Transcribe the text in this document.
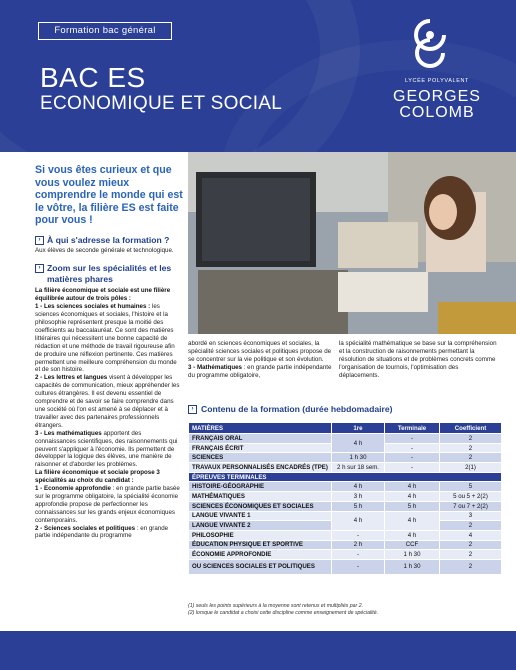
Formation bac général
BAC ES
ECONOMIQUE ET SOCIAL
LYCÉE POLYVALENT
GEORGES
COLOMB
Si vous êtes curieux et que vous voulez mieux comprendre le monde qui est le vôtre, la filière ES est faite pour vous !
› À qui s'adresse la formation ?
Aux élèves de seconde générale et technologique.
› Zoom sur les spécialités et les matières phares
La filière économique et sociale est une filière équilibrée autour de trois pôles :
1 - Les sciences sociales et humaines : les sciences économiques et sociales, l'histoire et la philosophie représentent presque la moitié des coefficients au baccalauréat. Ce sont des matières littéraires qui nécessitent une bonne capacité de rédaction et une méthode de travail rigoureuse afin de produire une réflexion pertinente. Ces matières permettent une meilleure compréhension du monde et de son histoire.
2 - Les lettres et langues visent à développer les capacités de communication, mieux appréhender les cultures étrangères. Il est devenu essentiel de comprendre et de savoir se faire comprendre dans une société où l'on est amené à se déplacer et à travailler avec des partenaires professionnels étrangers.
3 - Les mathématiques apportent des connaissances scientifiques, des raisonnements qui peuvent s'appliquer à l'économie. Ils permettent de développer la logique des élèves, une manière de raisonner et d'aborder les problèmes.
La filière économique et sociale propose 3 spécialités au choix du candidat :
1 - Economie approfondie : en grande partie basée sur le programme obligatoire, la spécialité économie approfondie propose de perfectionner les connaissances sur les grands enjeux économiques contemporains.
2 - Sciences sociales et politiques : en grande partie indépendante du programme
abordé en sciences économiques et sociales, la spécialité sciences sociales et politiques propose de se concentrer sur la vie politique et son évolution.
3 - Mathématiques : en grande partie indépendante du programme obligatoire,
la spécialité mathématique se base sur la compréhension et la construction de raisonnements permettant la résolution de situations et de problèmes concrets comme l'organisation de tournois, l'optimisation des déplacements.
› Contenu de la formation (durée hebdomadaire)
MATIÈRES	1re	Terminale	Coefficient
FRANÇAIS ORAL	4 h	-	2
FRANÇAIS ÉCRIT		-	2
SCIENCES	1 h 30	-	2
TRAVAUX PERSONNALISÉS ENCADRÉS (TPE)	2 h sur 18 sem.	-	2(1)
ÉPREUVES TERMINALES			
HISTOIRE-GÉOGRAPHIE	4 h	4 h	5
MATHÉMATIQUES	3 h	4 h	5 ou 5 + 2(2)
SCIENCES ÉCONOMIQUES ET SOCIALES	5 h	5 h	7 ou 7 + 2(2)
LANGUE VIVANTE 1	4 h	4 h	3
LANGUE VIVANTE 2			2
PHILOSOPHIE	-	4 h	4
ÉDUCATION PHYSIQUE ET SPORTIVE	2 h	CCF	2
ÉCONOMIE APPROFONDIE	-	1 h 30	2
OU SCIENCES SOCIALES ET POLITIQUES	-	1 h 30	2
(1) seuls les points supérieurs à la moyenne sont retenus et multipliés par 2.
(2) lorsque le candidat a choisi cette discipline comme enseignement de spécialité.
